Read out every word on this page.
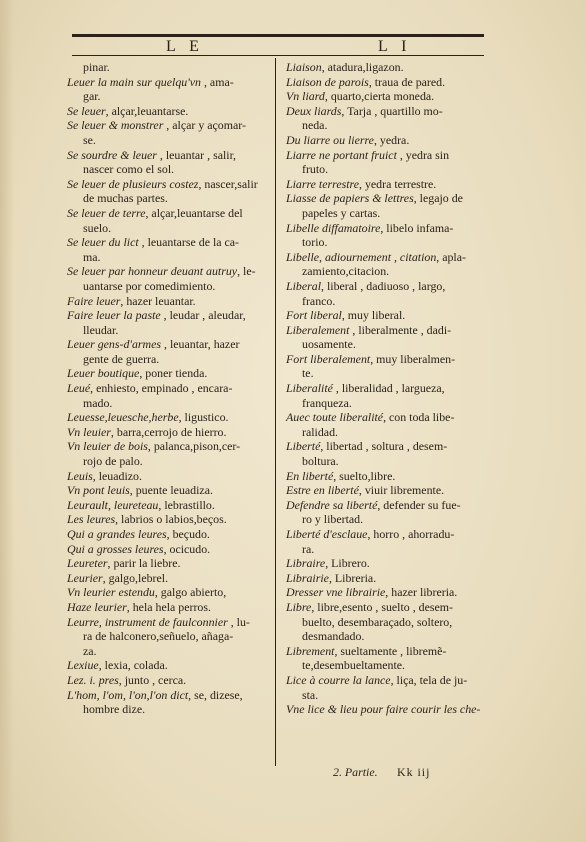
L E	L I
pinar.
Leuer la main sur quelqu'vn , ama-
gar.
Se leuer, alçar,leuantarse.
Se leuer & monstrer , alçar y açomar-
se.
Se sourdre & leuer , leuantar , salir,
nascer como el sol.
Se leuer de plusieurs costez, nascer,salir
de muchas partes.
Se leuer de terre, alçar,leuantarse del
suelo.
Se leuer du lict , leuantarse de la ca-
ma.
Se leuer par honneur deuant autruy, le-
uantarse por comedimiento.
Faire leuer, hazer leuantar.
Faire leuer la paste , leudar , aleudar,
lleudar.
Leuer gens-d'armes , leuantar, hazer
gente de guerra.
Leuer boutique, poner tienda.
Leué, enhiesto, empinado , encara-
mado.
Leuesse,leuesche,herbe, ligustico.
Vn leuier, barra,cerrojo de hierro.
Vn leuier de bois, palanca,pison,cer-
rojo de palo.
Leuis, leuadizo.
Vn pont leuis, puente leuadiza.
Leurault, leureteau, lebrastillo.
Les leures, labrios o labios,beços.
Qui a grandes leures, beçudo.
Qui a grosses leures, ocicudo.
Leureter, parir la liebre.
Leurier, galgo,lebrel.
Vn leurier estendu, galgo abierto,
Haze leurier, hela hela perros.
Leurre, instrument de faulconnier , lu-
ra de halconero,señuelo, añaga-
za.
Lexiue, lexia, colada.
Lez. i. pres, junto , cerca.
L'hom, l'om, l'on,l'on dict, se, dizese,
hombre dize.
Liaison, atadura,ligazon.
Liaison de parois, traua de pared.
Vn liard, quarto,cierta moneda.
Deux liards, Tarja , quartillo mo-
neda.
Du liarre ou lierre, yedra.
Liarre ne portant fruict , yedra sin
fruto.
Liarre terrestre, yedra terrestre.
Liasse de papiers & lettres, legajo de
papeles y cartas.
Libelle diffamatoire, libelo infama-
torio.
Libelle, adiournement , citation, apla-
zamiento,citacion.
Liberal, liberal , dadiuoso , largo,
franco.
Fort liberal, muy liberal.
Liberalement , liberalmente , dadi-
uosamente.
Fort liberalement, muy liberalmen-
te.
Liberalité , liberalidad , largueza,
franqueza.
Auec toute liberalité, con toda libe-
ralidad.
Liberté, libertad , soltura , desem-
boltura.
En liberté, suelto,libre.
Estre en liberté, viuir libremente.
Defendre sa liberté, defender su fue-
ro y libertad.
Liberté d'esclaue, horro , ahorradu-
ra.
Libraire, Librero.
Librairie, Libreria.
Dresser vne librairie, hazer libreria.
Libre, libre,esento , suelto , desem-
buelto, desembaraçado, soltero,
desmandado.
Librement, sueltamente , libremẽ-
te,desembueltamente.
Lice à courre la lance, liça, tela de ju-
sta.
Vne lice & lieu pour faire courir les che-
2. Partie. Kk iij
